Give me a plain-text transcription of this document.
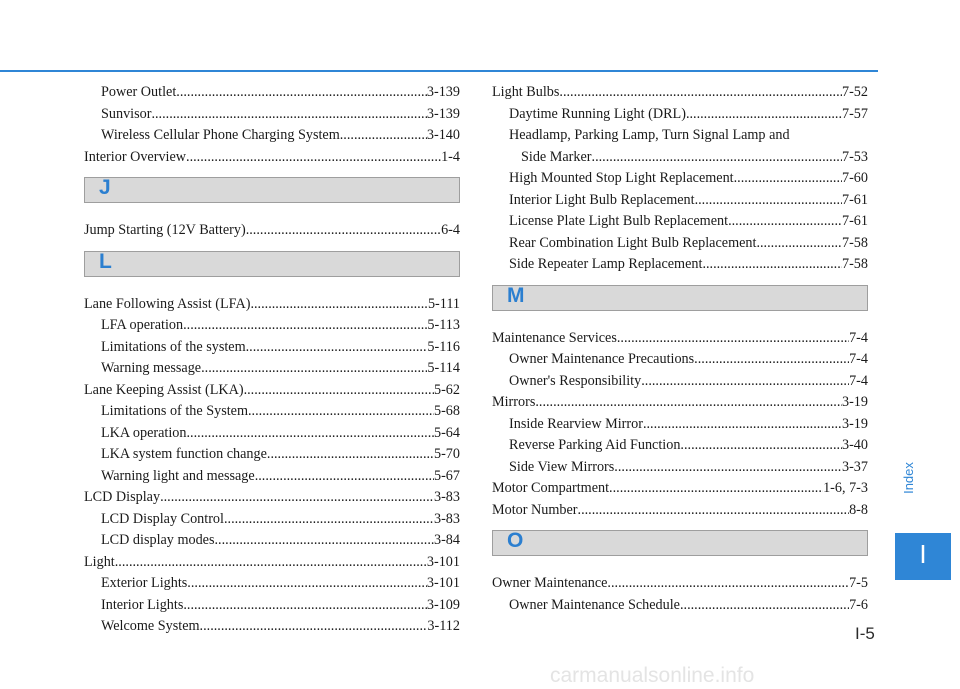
Power Outlet .....	3-139
Sunvisor .....	3-139
Wireless Cellular Phone Charging System .....	3-140
Interior Overview .....	1-4
J
Jump Starting (12V Battery) .....	6-4
L
Lane Following Assist (LFA) .....	5-111
LFA operation .....	5-113
Limitations of the system .....	5-116
Warning message .....	5-114
Lane Keeping Assist (LKA) .....	5-62
Limitations of the System .....	5-68
LKA operation .....	5-64
LKA system function change .....	5-70
Warning light and message .....	5-67
LCD Display .....	3-83
LCD Display Control .....	3-83
LCD display modes .....	3-84
Light .....	3-101
Exterior Lights .....	3-101
Interior Lights .....	3-109
Welcome System .....	3-112
Light Bulbs .....	7-52
Daytime Running Light (DRL) .....	7-57
Headlamp, Parking Lamp, Turn Signal Lamp and
Side Marker .....	7-53
High Mounted Stop Light Replacement .....	7-60
Interior Light Bulb Replacement .....	7-61
License Plate Light Bulb Replacement .....	7-61
Rear Combination Light Bulb Replacement .....	7-58
Side Repeater Lamp Replacement .....	7-58
M
Maintenance Services .....	7-4
Owner Maintenance Precautions .....	7-4
Owner's Responsibility .....	7-4
Mirrors .....	3-19
Inside Rearview Mirror .....	3-19
Reverse Parking Aid Function .....	3-40
Side View Mirrors .....	3-37
Motor Compartment .....	1-6, 7-3
Motor Number .....	8-8
O
Owner Maintenance .....	7-5
Owner Maintenance Schedule .....	7-6
Index
I
I-5
carmanualsonline.info
